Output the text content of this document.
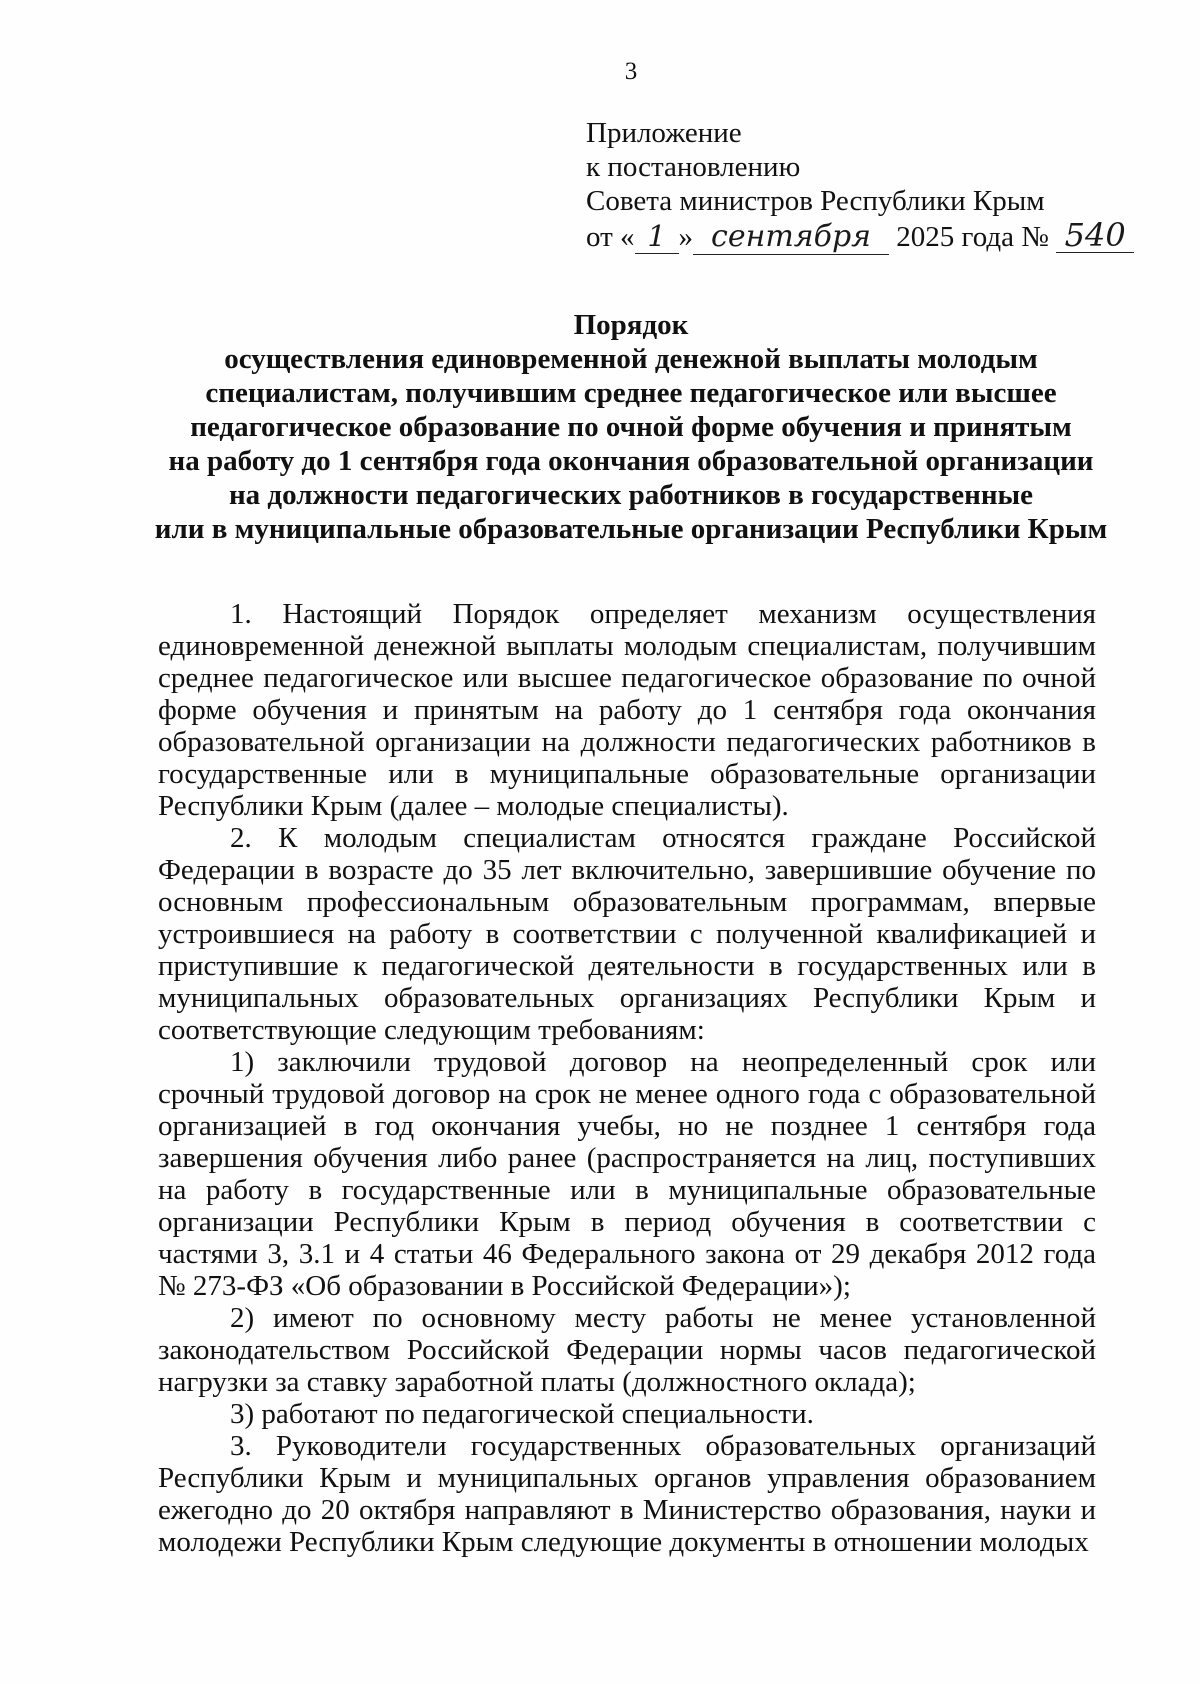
3
Приложение
к постановлению
Совета министров Республики Крым
от « 1 » сентября 2025 года № 540
Порядок
осуществления единовременной денежной выплаты молодым
специалистам, получившим среднее педагогическое или высшее
педагогическое образование по очной форме обучения и принятым
на работу до 1 сентября года окончания образовательной организации
на должности педагогических работников в государственные
или в муниципальные образовательные организации Республики Крым

1. Настоящий Порядок определяет механизм осуществления единовременной денежной выплаты молодым специалистам, получившим среднее педагогическое или высшее педагогическое образование по очной форме обучения и принятым на работу до 1 сентября года окончания образовательной организации на должности педагогических работников в государственные или в муниципальные образовательные организации Республики Крым (далее – молодые специалисты).

2. К молодым специалистам относятся граждане Российской Федерации в возрасте до 35 лет включительно, завершившие обучение по основным профессиональным образовательным программам, впервые устроившиеся на работу в соответствии с полученной квалификацией и приступившие к педагогической деятельности в государственных или в муниципальных образовательных организациях Республики Крым и соответствующие следующим требованиям:

1) заключили трудовой договор на неопределенный срок или срочный трудовой договор на срок не менее одного года с образовательной организацией в год окончания учебы, но не позднее 1 сентября года завершения обучения либо ранее (распространяется на лиц, поступивших на работу в государственные или в муниципальные образовательные организации Республики Крым в период обучения в соответствии с частями 3, 3.1 и 4 статьи 46 Федерального закона от 29 декабря 2012 года № 273-ФЗ «Об образовании в Российской Федерации»);

2) имеют по основному месту работы не менее установленной законодательством Российской Федерации нормы часов педагогической нагрузки за ставку заработной платы (должностного оклада);

3) работают по педагогической специальности.

3. Руководители государственных образовательных организаций Республики Крым и муниципальных органов управления образованием ежегодно до 20 октября направляют в Министерство образования, науки и молодежи Республики Крым следующие документы в отношении молодых
